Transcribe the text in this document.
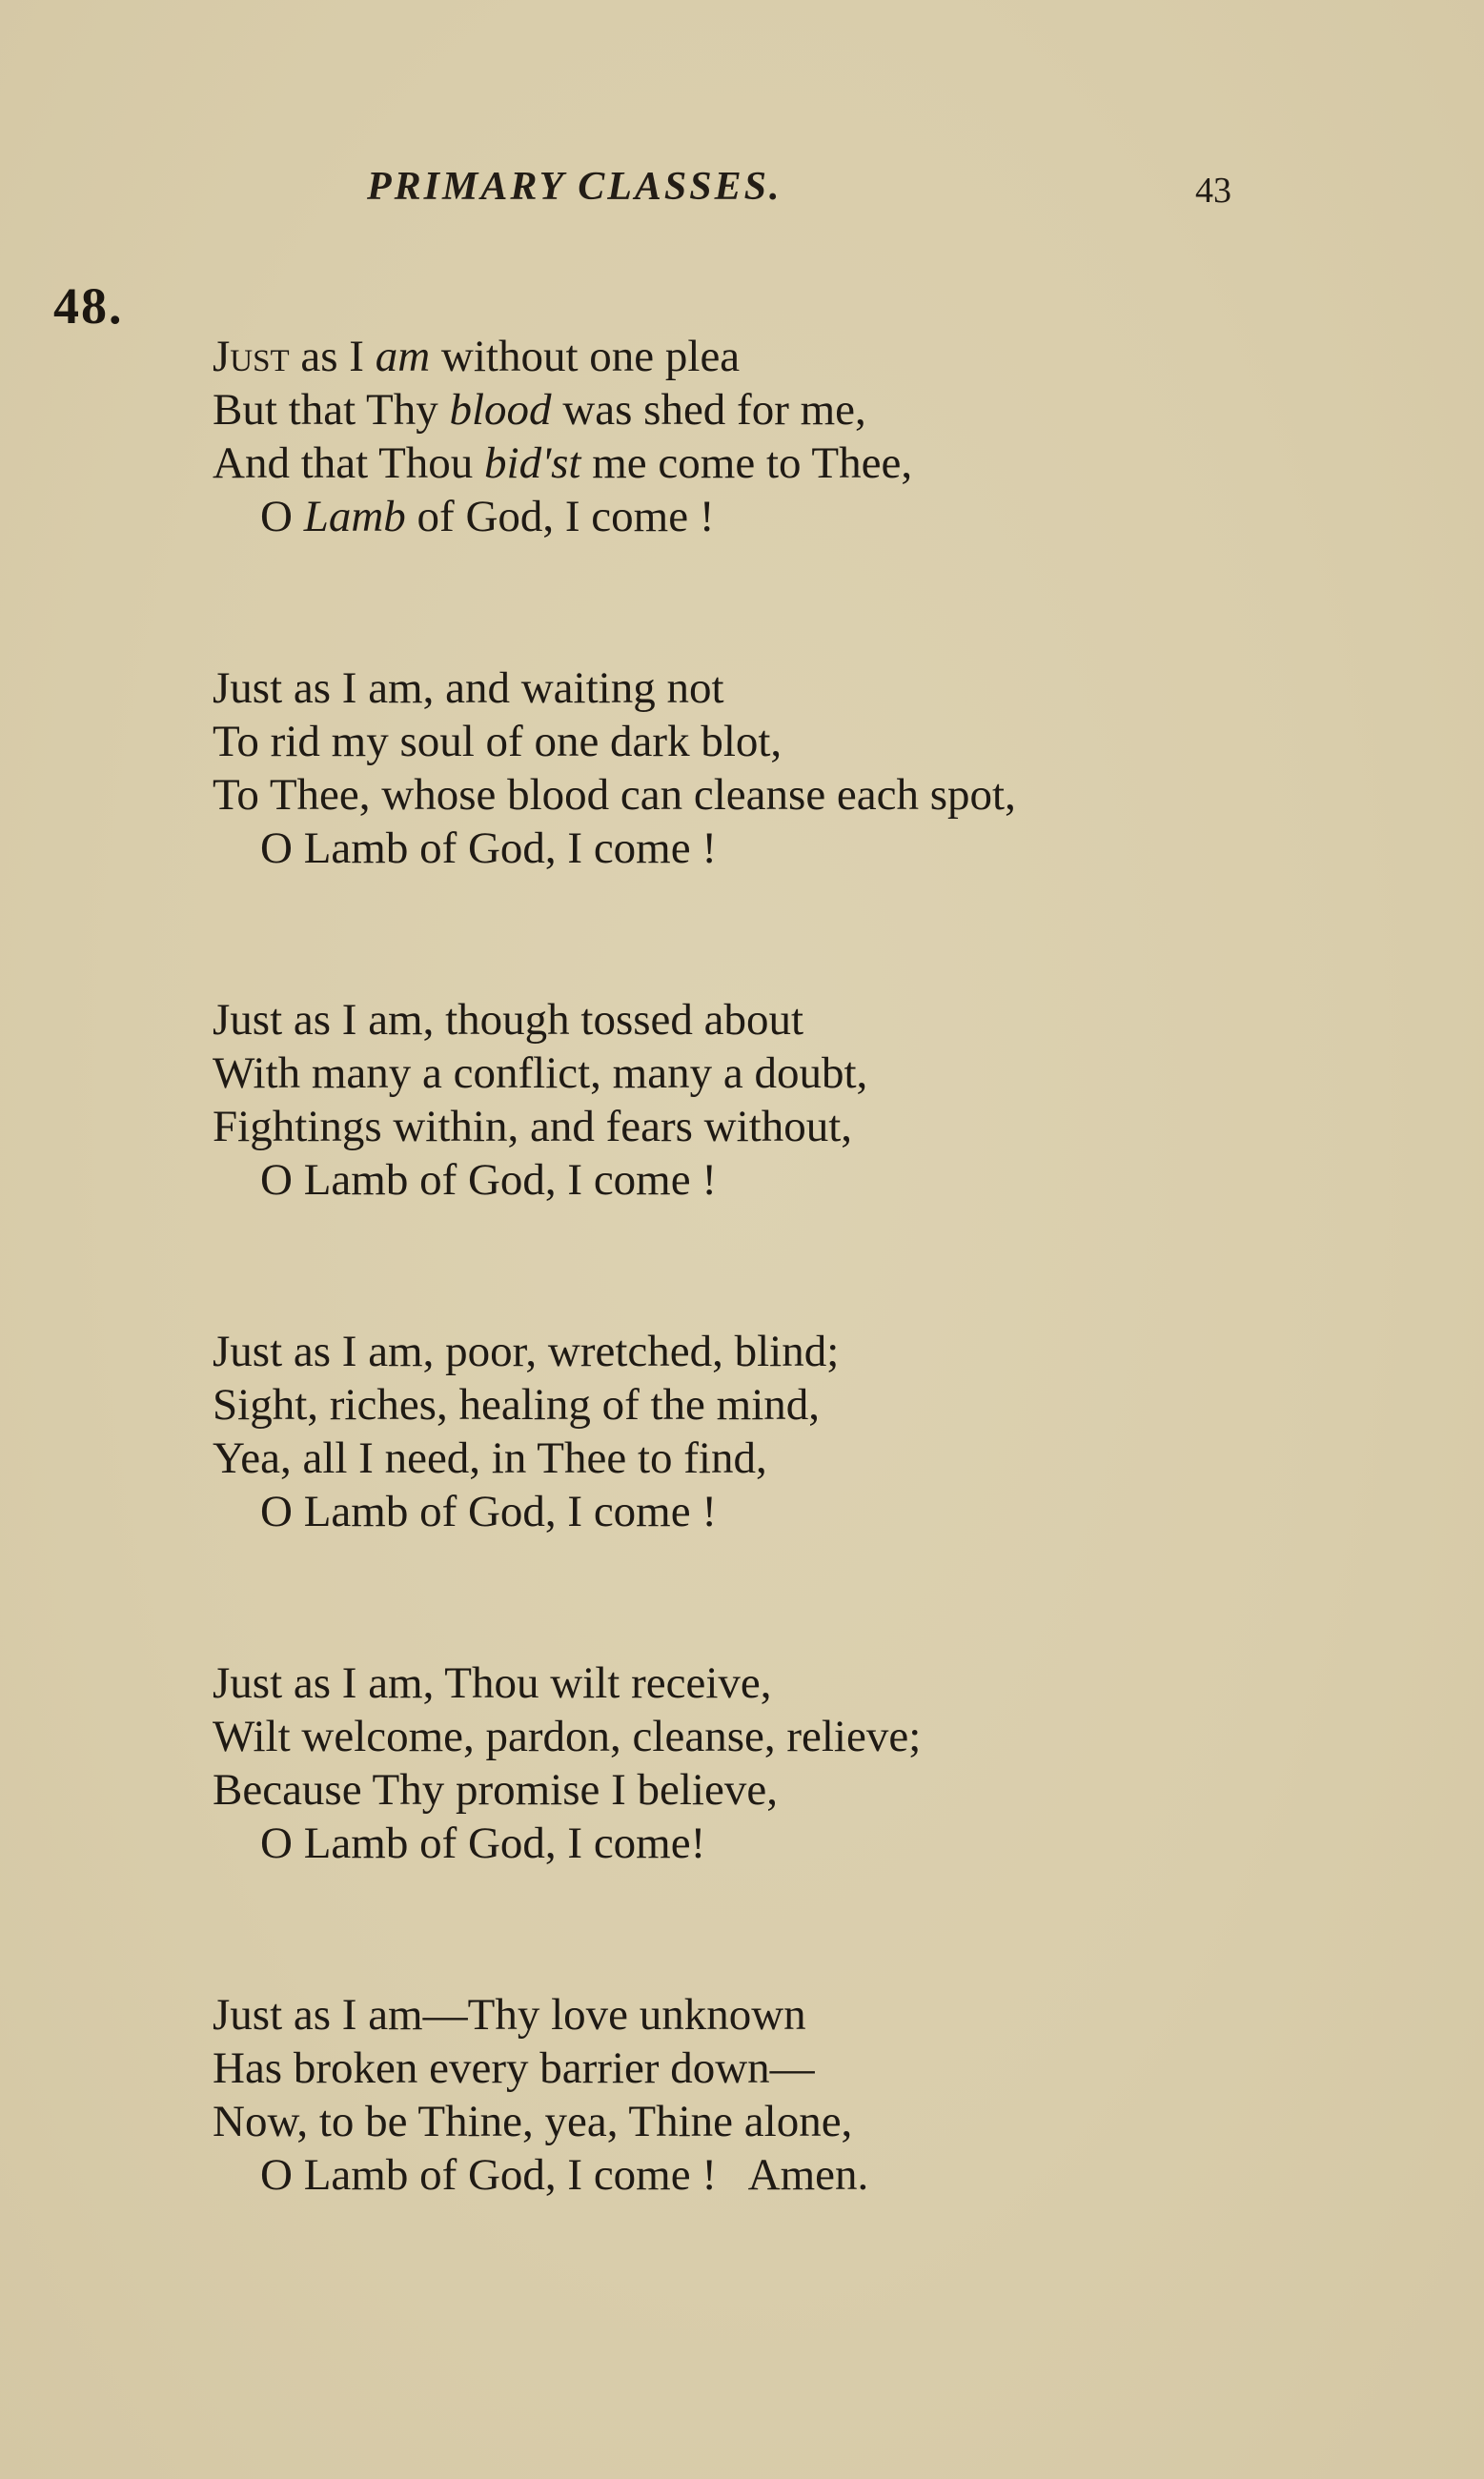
PRIMARY CLASSES.	43
48.
Just as I am without one plea
But that Thy blood was shed for me,
And that Thou bid'st me come to Thee,
O Lamb of God, I come !
Just as I am, and waiting not
To rid my soul of one dark blot,
To Thee, whose blood can cleanse each spot,
O Lamb of God, I come !
Just as I am, though tossed about
With many a conflict, many a doubt,
Fightings within, and fears without,
O Lamb of God, I come !
Just as I am, poor, wretched, blind;
Sight, riches, healing of the mind,
Yea, all I need, in Thee to find,
O Lamb of God, I come !
Just as I am, Thou wilt receive,
Wilt welcome, pardon, cleanse, relieve;
Because Thy promise I believe,
O Lamb of God, I come!
Just as I am—Thy love unknown
Has broken every barrier down—
Now, to be Thine, yea, Thine alone,
O Lamb of God, I come !   Amen.
